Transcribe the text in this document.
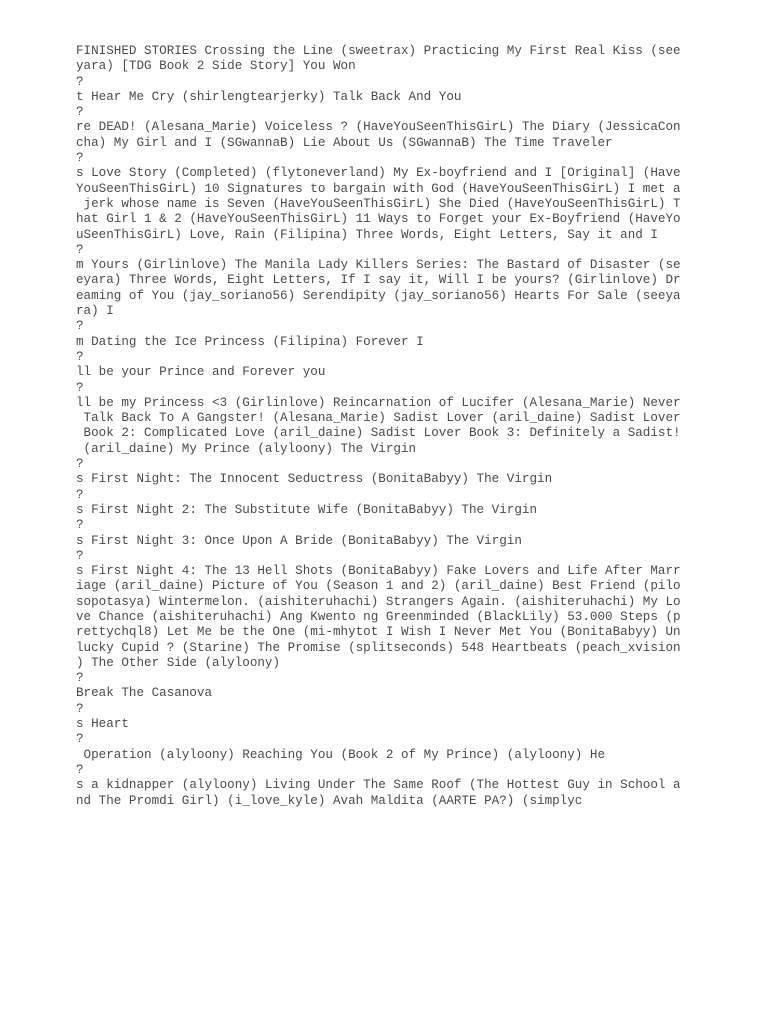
FINISHED STORIES Crossing the Line (sweetrax) Practicing My First Real Kiss (see
yara) [TDG Book 2 Side Story] You Won
?
t Hear Me Cry (shirlengtearjerky) Talk Back And You
?
re DEAD! (Alesana_Marie) Voiceless ? (HaveYouSeenThisGirL) The Diary (JessicaCon
cha) My Girl and I (SGwannaB) Lie About Us (SGwannaB) The Time Traveler
?
s Love Story (Completed) (flytoneverland) My Ex-boyfriend and I [Original] (Have
YouSeenThisGirL) 10 Signatures to bargain with God (HaveYouSeenThisGirL) I met a
jerk whose name is Seven (HaveYouSeenThisGirL) She Died (HaveYouSeenThisGirL) T
hat Girl 1 & 2 (HaveYouSeenThisGirL) 11 Ways to Forget your Ex-Boyfriend (HaveYo
uSeenThisGirL) Love, Rain (Filipina) Three Words, Eight Letters, Say it and I
?
m Yours (Girlinlove) The Manila Lady Killers Series: The Bastard of Disaster (se
eyara) Three Words, Eight Letters, If I say it, Will I be yours? (Girlinlove) Dr
eaming of You (jay_soriano56) Serendipity (jay_soriano56) Hearts For Sale (seeya
ra) I
?
m Dating the Ice Princess (Filipina) Forever I
?
ll be your Prince and Forever you
?
ll be my Princess <3 (Girlinlove) Reincarnation of Lucifer (Alesana_Marie) Never
Talk Back To A Gangster! (Alesana_Marie) Sadist Lover (aril_daine) Sadist Lover
Book 2: Complicated Love (aril_daine) Sadist Lover Book 3: Definitely a Sadist!
(aril_daine) My Prince (alyloony) The Virgin
?
s First Night: The Innocent Seductress (BonitaBabyy) The Virgin
?
s First Night 2: The Substitute Wife (BonitaBabyy) The Virgin
?
s First Night 3: Once Upon A Bride (BonitaBabyy) The Virgin
?
s First Night 4: The 13 Hell Shots (BonitaBabyy) Fake Lovers and Life After Marr
iage (aril_daine) Picture of You (Season 1 and 2) (aril_daine) Best Friend (pilo
sopotasya) Wintermelon. (aishiteruhachi) Strangers Again. (aishiteruhachi) My Lo
ve Chance (aishiteruhachi) Ang Kwento ng Greenminded (BlackLily) 53.000 Steps (p
rettychql8) Let Me be the One (mi-mhytot I Wish I Never Met You (BonitaBabyy) Un
lucky Cupid ? (Starine) The Promise (splitseconds) 548 Heartbeats (peach_xvision
) The Other Side (alyloony)
?
Break The Casanova
?
s Heart
?
Operation (alyloony) Reaching You (Book 2 of My Prince) (alyloony) He
?
s a kidnapper (alyloony) Living Under The Same Roof (The Hottest Guy in School a
nd The Promdi Girl) (i_love_kyle) Avah Maldita (AARTE PA?) (simplyc
